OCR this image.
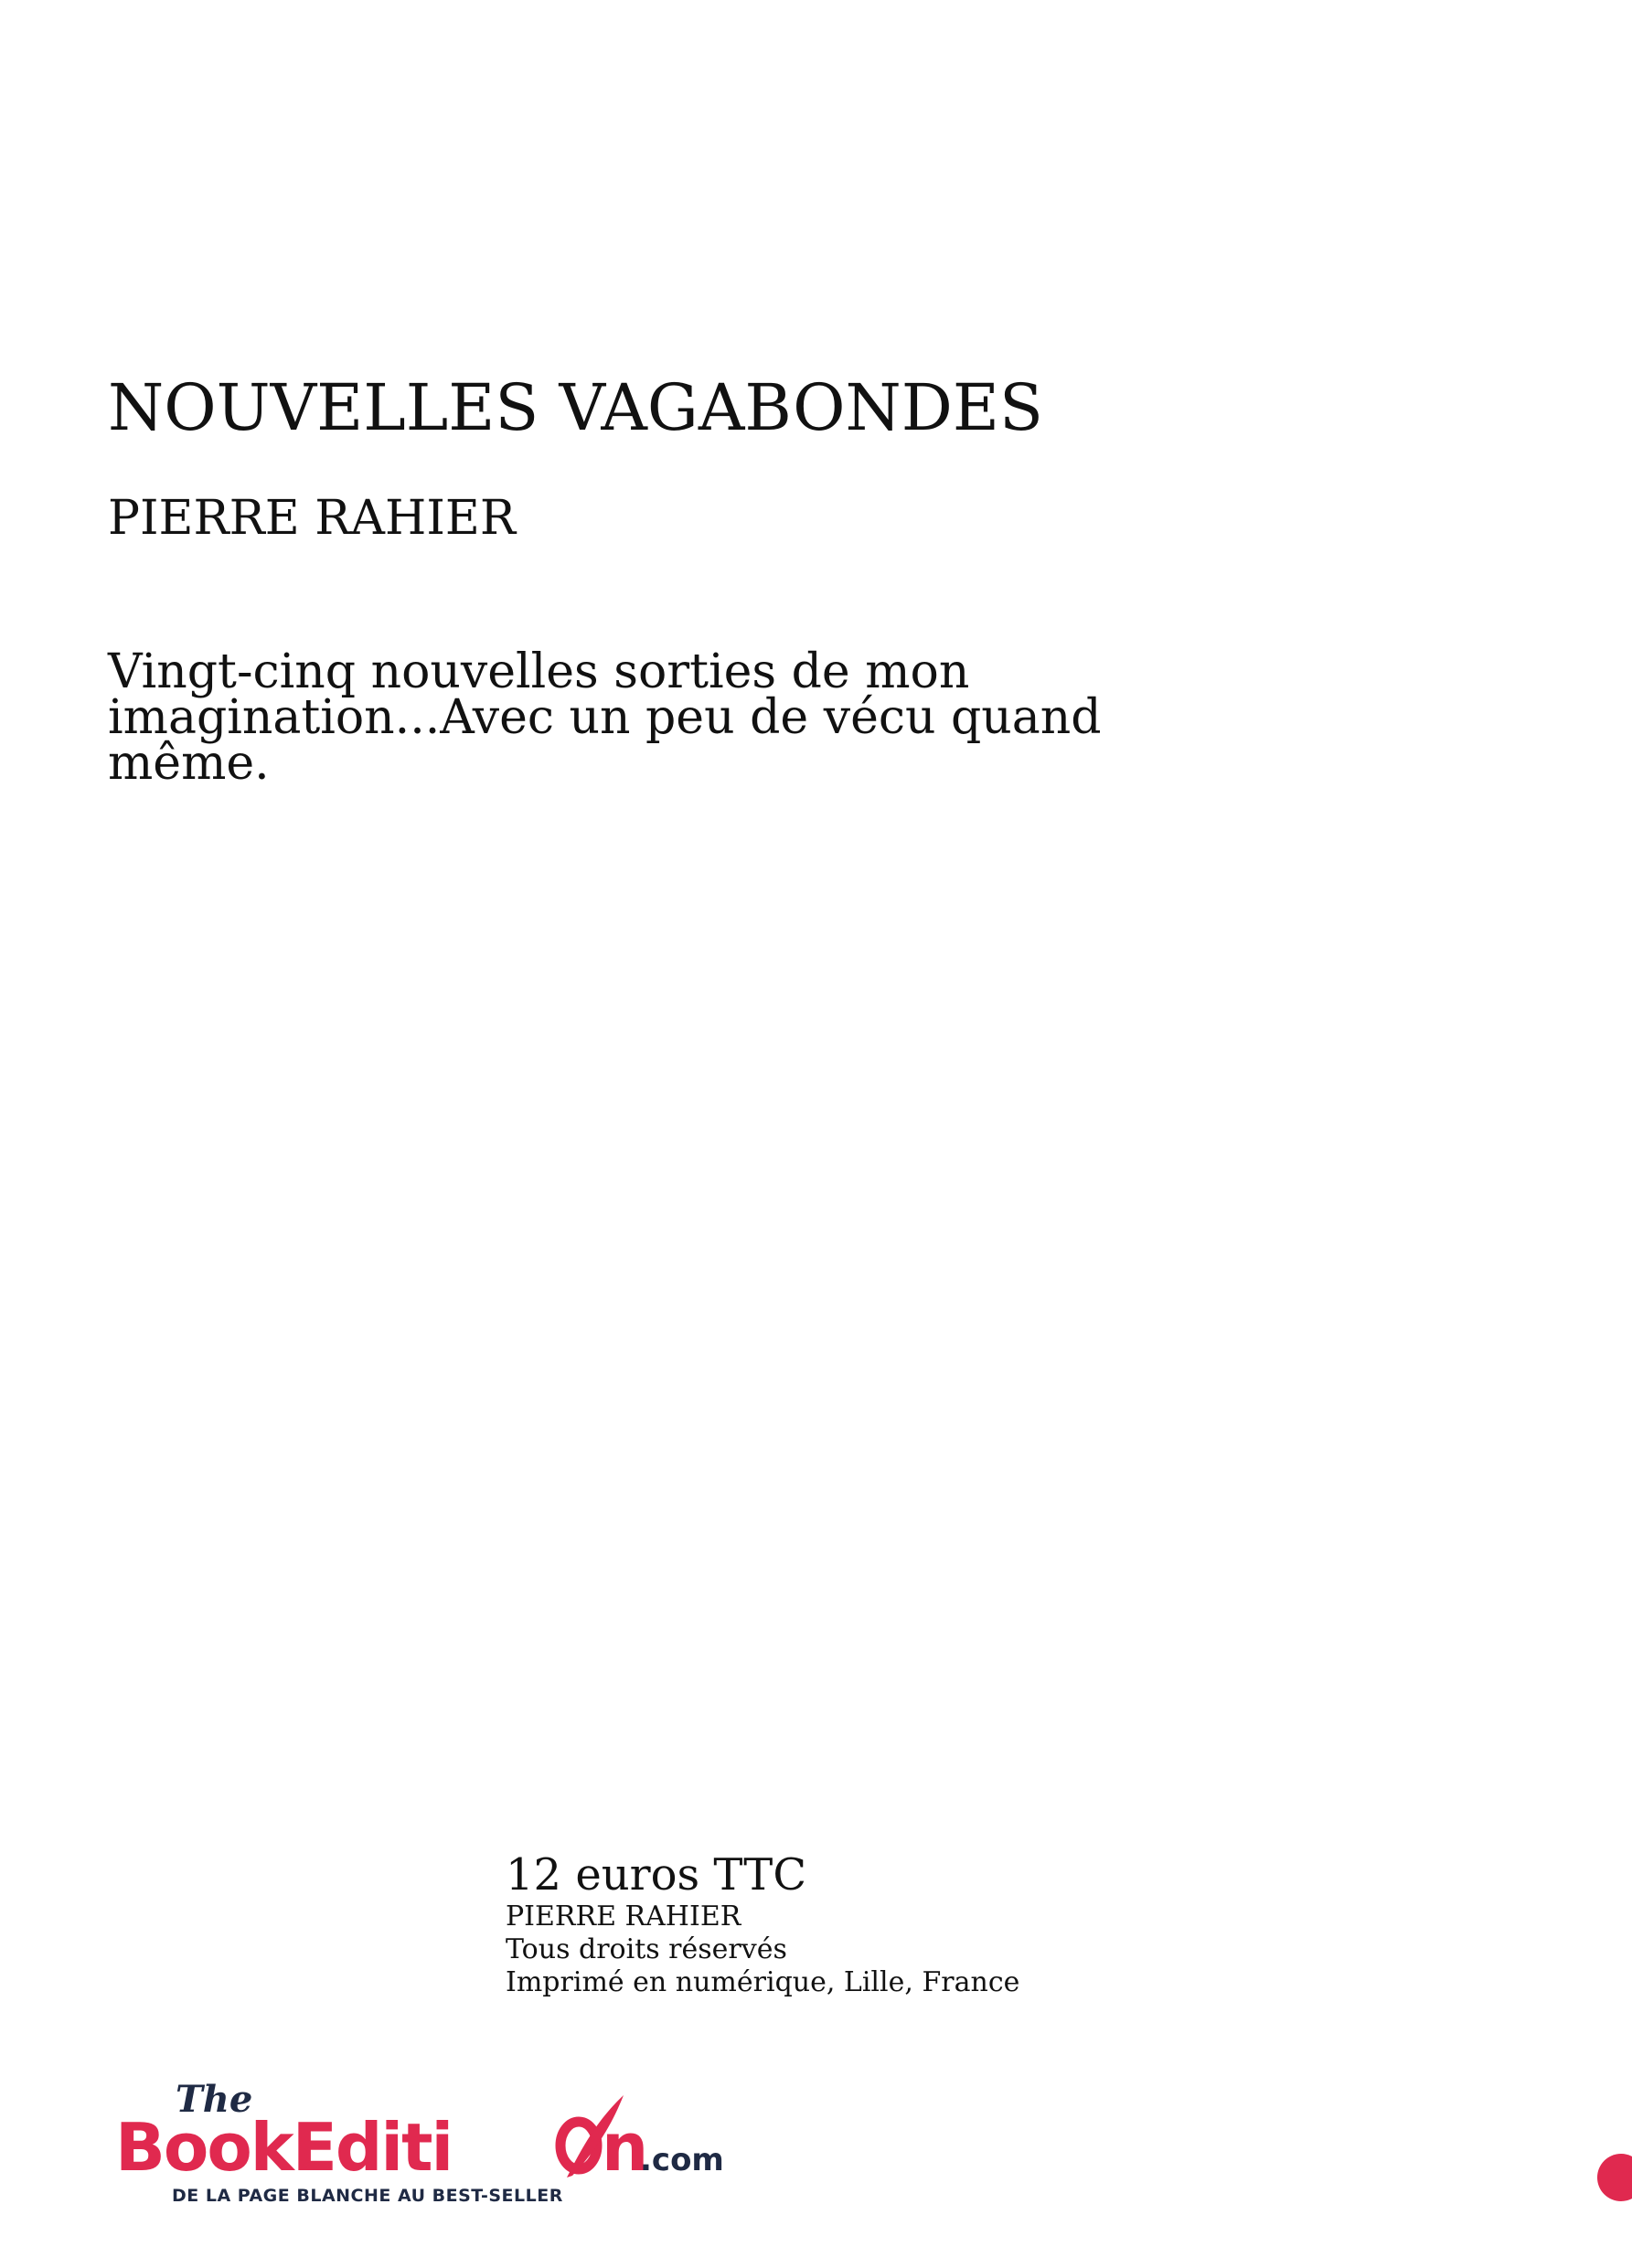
NOUVELLES VAGABONDES
PIERRE RAHIER

Vingt-cinq nouvelles sorties de mon imagination...Avec un peu de vécu quand même.

12 euros TTC
PIERRE RAHIER
Tous droits réservés
Imprimé en numérique, Lille, France
The
BookEditi n
.com
DE LA PAGE BLANCHE AU BEST-SELLER
